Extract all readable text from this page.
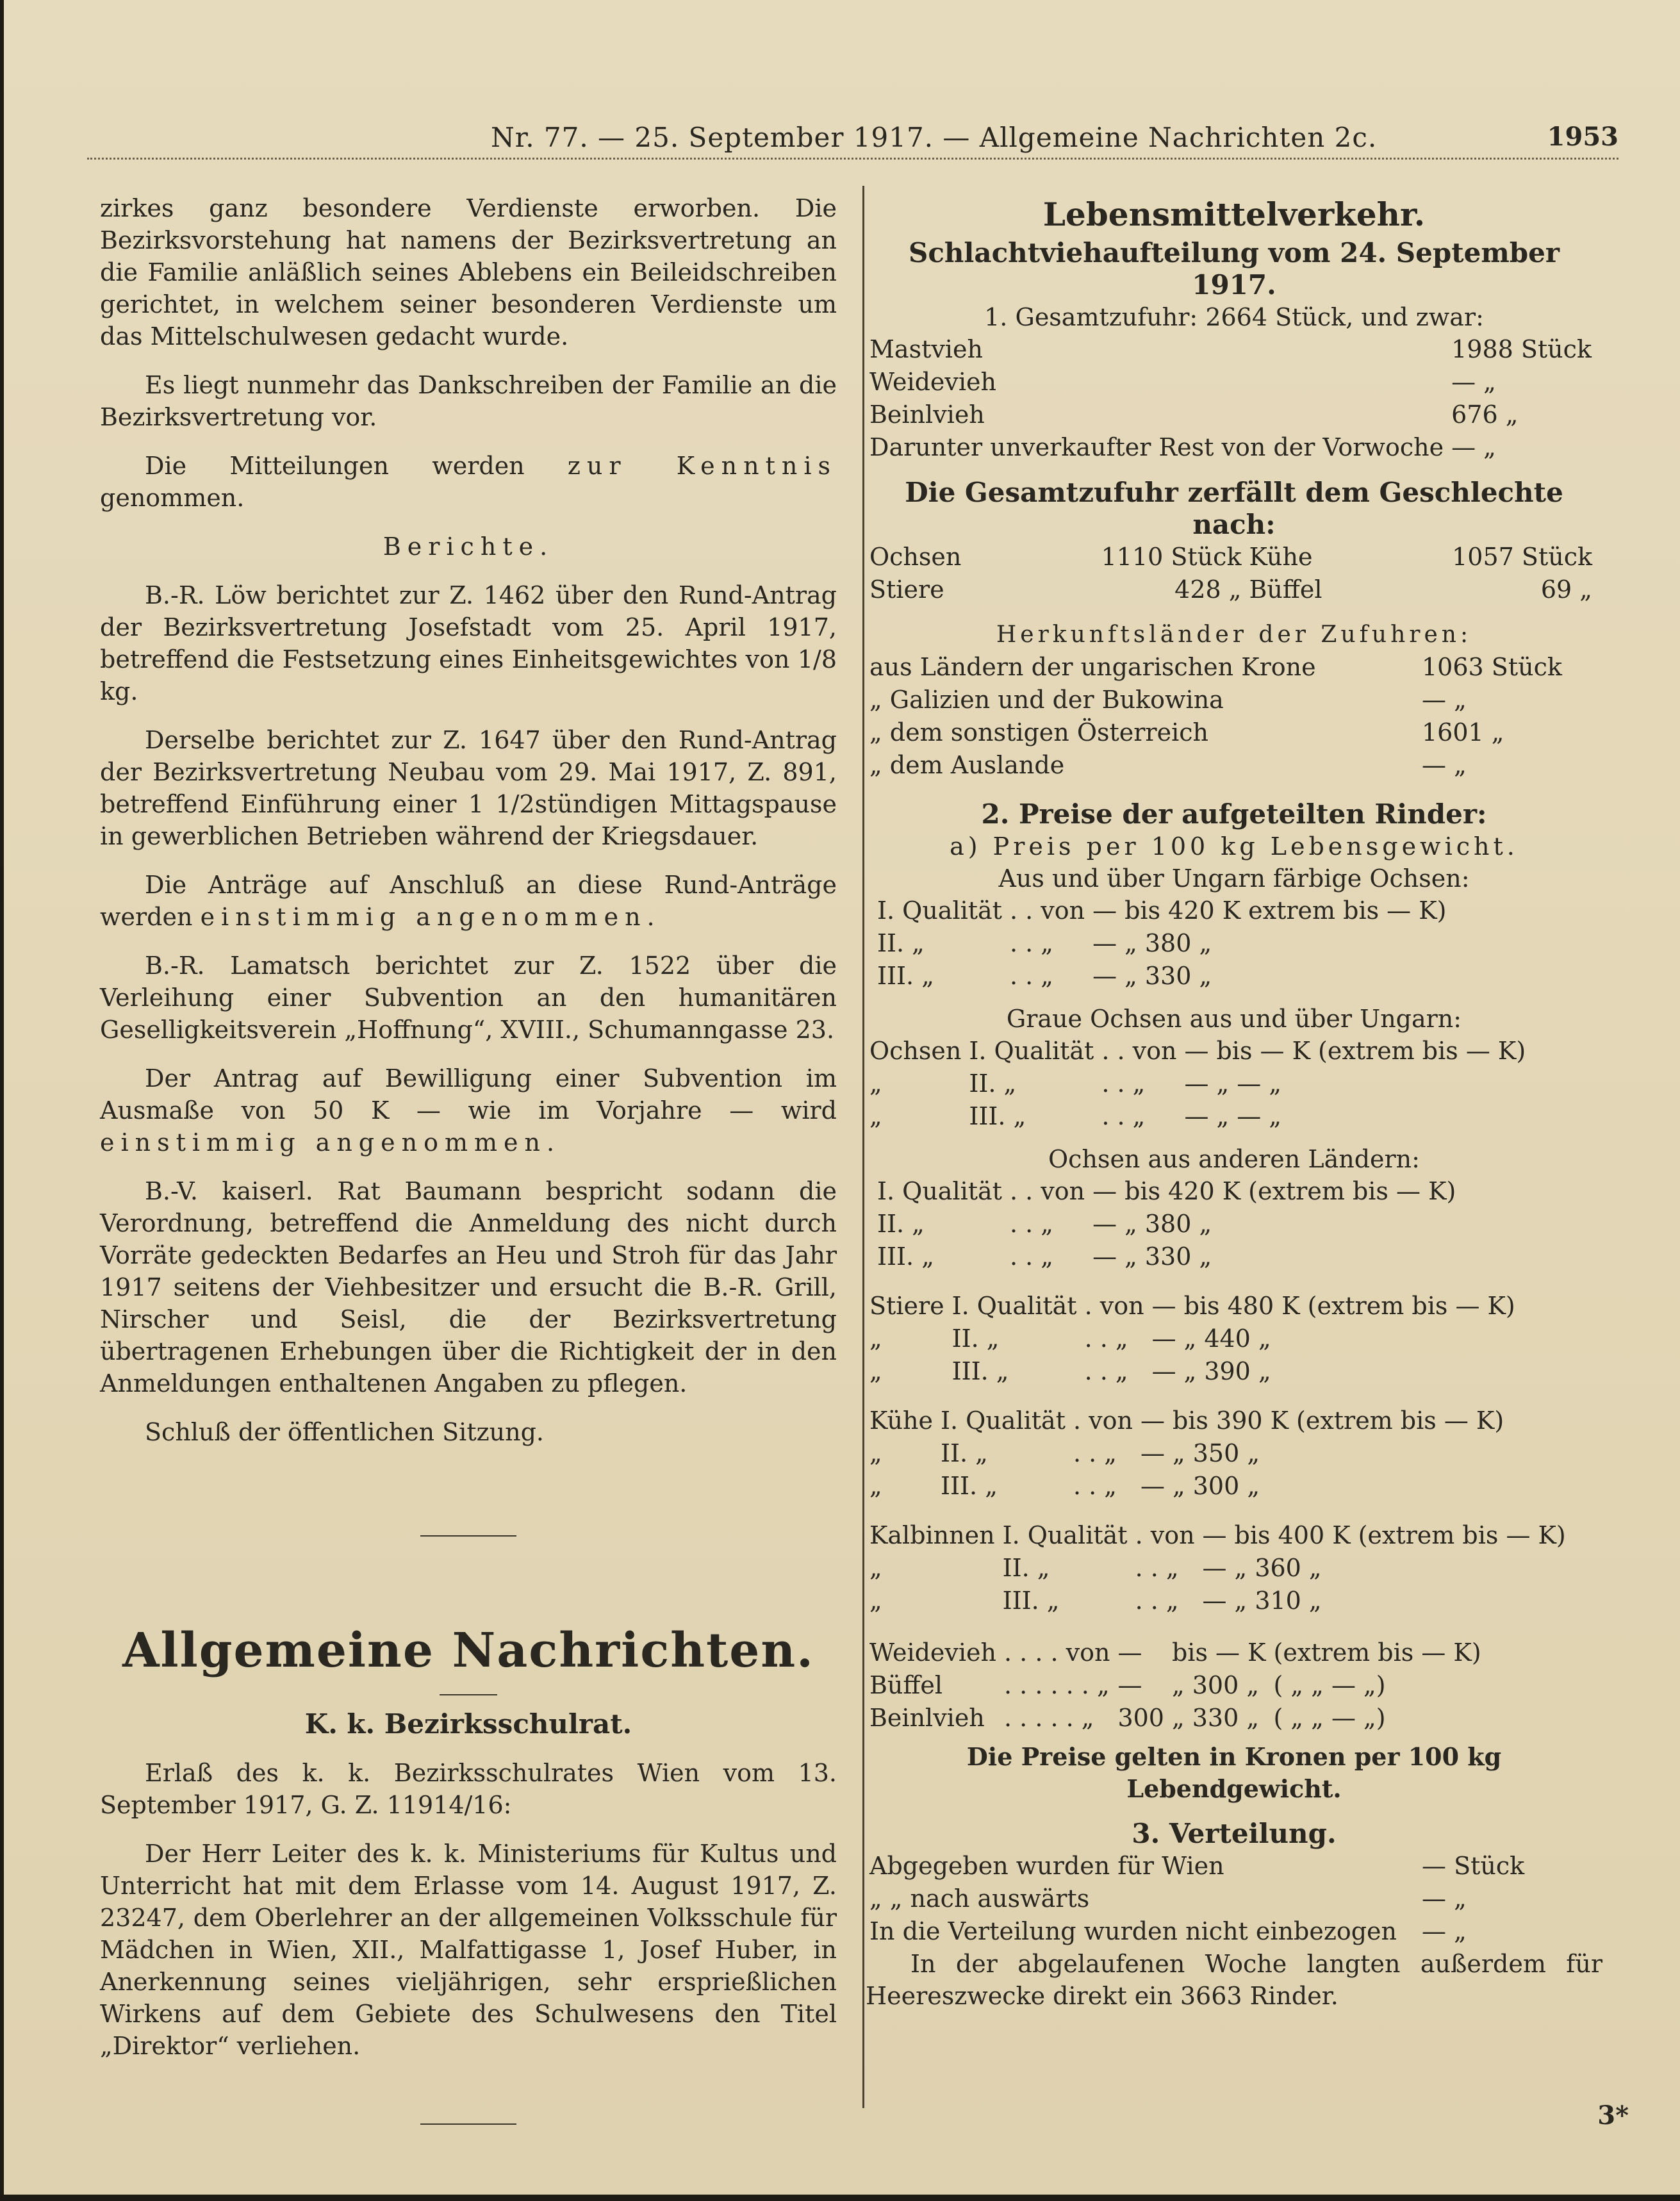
Nr. 77. — 25. September 1917. — Allgemeine Nachrichten 2c.	1953

zirkes ganz besondere Verdienste erworben. Die Bezirksvorstehung hat namens der Bezirksvertretung an die Familie anläßlich seines Ablebens ein Beileidschreiben gerichtet, in welchem seiner besonderen Verdienste um das Mittelschulwesen gedacht wurde.

Es liegt nunmehr das Dankschreiben der Familie an die Bezirksvertretung vor.

Die Mitteilungen werden zur Kenntnis genommen.

Berichte.

B.-R. Löw berichtet zur Z. 1462 über den Rund-Antrag der Bezirksvertretung Josefstadt vom 25. April 1917, betreffend die Festsetzung eines Einheitsgewichtes von 1/8 kg.

Derselbe berichtet zur Z. 1647 über den Rund-Antrag der Bezirksvertretung Neubau vom 29. Mai 1917, Z. 891, betreffend Einführung einer 1 1/2stündigen Mittagspause in gewerblichen Betrieben während der Kriegsdauer.

Die Anträge auf Anschluß an diese Rund-Anträge werden einstimmig angenommen.

B.-R. Lamatsch berichtet zur Z. 1522 über die Verleihung einer Subvention an den humanitären Geselligkeitsverein „Hoffnung“, XVIII., Schumanngasse 23.

Der Antrag auf Bewilligung einer Subvention im Ausmaße von 50 K — wie im Vorjahre — wird einstimmig angenommen.

B.-V. kaiserl. Rat Baumann bespricht sodann die Verordnung, betreffend die Anmeldung des nicht durch Vorräte gedeckten Bedarfes an Heu und Stroh für das Jahr 1917 seitens der Viehbesitzer und ersucht die B.-R. Grill, Nirscher und Seisl, die der Bezirksvertretung übertragenen Erhebungen über die Richtigkeit der in den Anmeldungen enthaltenen Angaben zu pflegen.

Schluß der öffentlichen Sitzung.

Allgemeine Nachrichten.

K. k. Bezirksschulrat.

Erlaß des k. k. Bezirksschulrates Wien vom 13. September 1917, G. Z. 11914/16:

Der Herr Leiter des k. k. Ministeriums für Kultus und Unterricht hat mit dem Erlasse vom 14. August 1917, Z. 23247, dem Oberlehrer an der allgemeinen Volksschule für Mädchen in Wien, XII., Malfattigasse 1, Josef Huber, in Anerkennung seines vieljährigen, sehr ersprießlichen Wirkens auf dem Gebiete des Schulwesens den Titel „Direktor“ verliehen.

Lebensmittelverkehr.
Schlachtviehaufteilung vom 24. September 1917.
1. Gesamtzufuhr: 2664 Stück, und zwar:
Mastvieh	1988 Stück
Weidevieh	— „
Beinlvieh	676 „
Darunter unverkaufter Rest von der Vorwoche	— „
Die Gesamtzufuhr zerfällt dem Geschlechte nach:
Ochsen	1110 Stück	Kühe	1057 Stück
Stiere	428 „	Büffel	69 „
Herkunftsländer der Zufuhren:
aus Ländern der ungarischen Krone	1063 Stück
„ Galizien und der Bukowina	— „
„ dem sonstigen Österreich	1601 „
„ dem Auslande	— „
2. Preise der aufgeteilten Rinder:
a) Preis per 100 kg Lebensgewicht.
Aus und über Ungarn färbige Ochsen:
	I. Qualität	. . von	—	bis 420 K	extrem bis — K)
	II. „	. . „	—	„ 380 „	
	III. „	. . „	—	„ 330 „	
Graue Ochsen aus und über Ungarn:
Ochsen	I. Qualität	. . von	—	bis — K	(extrem bis — K)
„	II. „	. . „	—	„ — „	
„	III. „	. . „	—	„ — „	
Ochsen aus anderen Ländern:
	I. Qualität	. . von	—	bis 420 K	(extrem bis — K)
	II. „	. . „	—	„ 380 „	
	III. „	. . „	—	„ 330 „	
Stiere	I. Qualität	. von	—	bis 480 K	(extrem bis — K)
„	II. „	. . „	—	„ 440 „	
„	III. „	. . „	—	„ 390 „	
Kühe	I. Qualität	. von	—	bis 390 K	(extrem bis — K)
„	II. „	. . „	—	„ 350 „	
„	III. „	. . „	—	„ 300 „	
Kalbinnen	I. Qualität	. von	—	bis 400 K	(extrem bis — K)
„	II. „	. . „	—	„ 360 „	
„	III. „	. . „	—	„ 310 „	
Weidevieh	. . . . von	—	bis — K	(extrem bis — K)
Büffel	. . . . . . „	—	„ 300 „	( „ „ — „)
Beinlvieh	. . . . . „	300	„ 330 „	( „ „ — „)
Die Preise gelten in Kronen per 100 kg Lebendgewicht.
3. Verteilung.
Abgegeben wurden für Wien	— Stück
„ „ nach auswärts	— „
In die Verteilung wurden nicht einbezogen	— „

In der abgelaufenen Woche langten außerdem für Heereszwecke direkt ein 3663 Rinder.

3*
